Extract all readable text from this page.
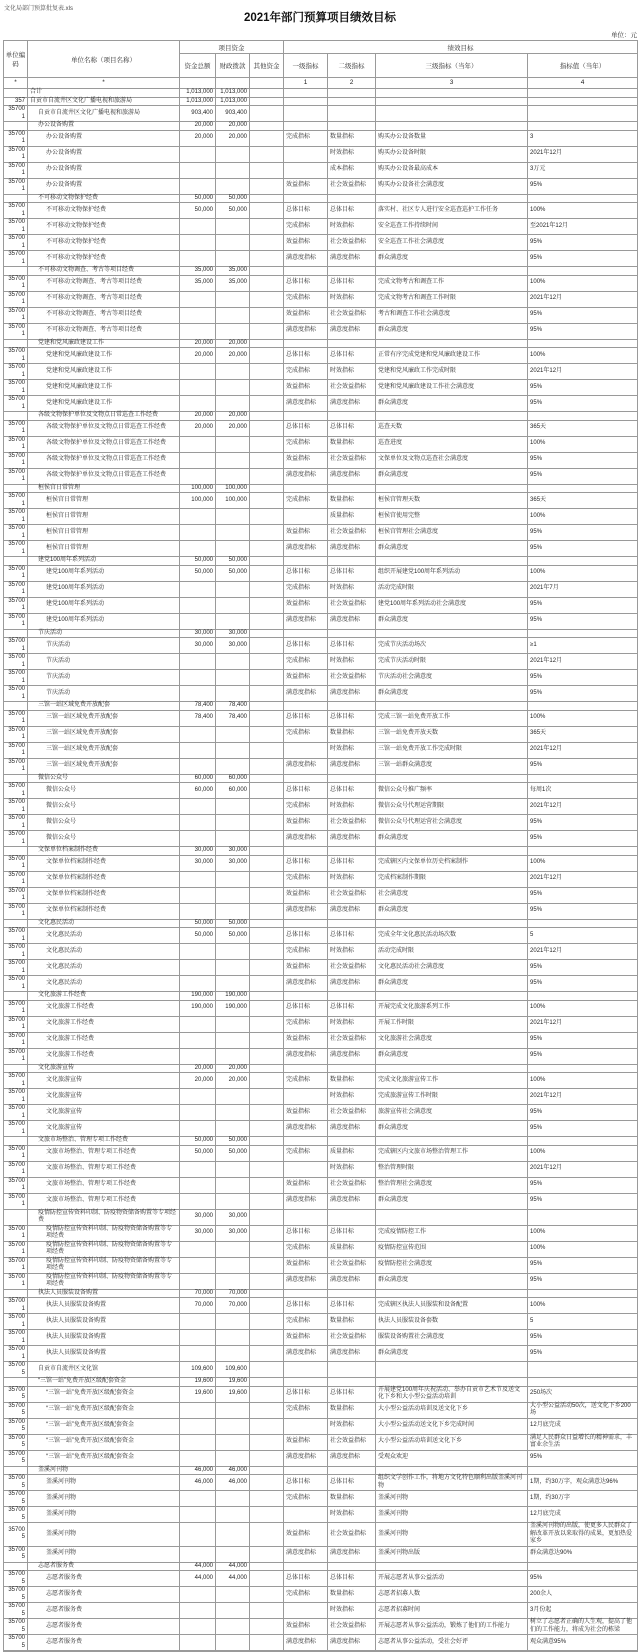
文化局部门预算批复表.xls
2021年部门预算项目绩效目标
单位：元
单位编码	单位名称（项目名称）	项目资金			绩效目标			
		资金总额	财政拨款	其他资金	一级指标	二级指标	三级指标（当年）	指标值（当年）
*	*				1	2	3	4
	合计	1,013,000	1,013,000					
357	自贡市自流井区文化广播电视和旅游局	1,013,000	1,013,000					
357001	自贡市自流井区文化广播电视和旅游局	903,400	903,400					
	办公设备购置	20,000	20,000					
357001	办公设备购置	20,000	20,000		完成指标	数量指标	购买办公设备数量	3
357001	办公设备购置					时效指标	购买办公设备时限	2021年12月
357001	办公设备购置					成本指标	购买办公设备最高成本	3万元
357001	办公设备购置				效益指标	社会效益指标	购买办公设备社会满意度	95%
	不可移动文物保护经费	50,000	50,000					
357001	不可移动文物保护经费	50,000	50,000		总体目标	总体目标	落实村、社区专人进行安全巡查巡护工作任务	100%
357001	不可移动文物保护经费				完成指标	时效指标	安全巡查工作持续时间	至2021年12月
357001	不可移动文物保护经费				效益指标	社会效益指标	安全巡查工作社会满意度	95%
357001	不可移动文物保护经费				满意度指标	满意度指标	群众满意度	95%
	不可移动文物调查、考古等项目经费	35,000	35,000					
357001	不可移动文物调查、考古等项目经费	35,000	35,000		总体目标	总体目标	完成文物考古和调查工作	100%
357001	不可移动文物调查、考古等项目经费				完成指标	时效指标	完成文物考古和调查工作时限	2021年12月
357001	不可移动文物调查、考古等项目经费				效益指标	社会效益指标	考古和调查工作社会满意度	95%
357001	不可移动文物调查、考古等项目经费				满意度指标	满意度指标	群众满意度	95%
	党建和党风廉政建设工作	20,000	20,000					
357001	党建和党风廉政建设工作	20,000	20,000		总体目标	总体目标	正常有序完成党建和党风廉政建设工作	100%
357001	党建和党风廉政建设工作				完成指标	时效指标	党建和党风廉政工作完成时限	2021年12月
357001	党建和党风廉政建设工作				效益指标	社会效益指标	党建和党风廉政建设工作社会满意度	95%
357001	党建和党风廉政建设工作				满意度指标	满意度指标	群众满意度	95%
	各级文物保护单位及文物点日常巡查工作经费	20,000	20,000					
357001	各级文物保护单位及文物点日常巡查工作经费	20,000	20,000		总体目标	总体目标	巡查天数	365天
357001	各级文物保护单位及文物点日常巡查工作经费				完成指标	数量指标	巡查进度	100%
357001	各级文物保护单位及文物点日常巡查工作经费				效益指标	社会效益指标	文保单位及文物点巡查社会满意度	95%
357001	各级文物保护单位及文物点日常巡查工作经费				满意度指标	满意度指标	群众满意度	95%
	桓侯宫日常管理	100,000	100,000					
357001	桓侯宫日常管理	100,000	100,000		完成指标	数量指标	桓侯宫管理天数	365天
357001	桓侯宫日常管理					质量指标	桓侯宫使用完整	100%
357001	桓侯宫日常管理				效益指标	社会效益指标	桓侯宫管理社会满意度	95%
357001	桓侯宫日常管理				满意度指标	满意度指标	群众满意度	95%
	建党100周年系列活动	50,000	50,000					
357001	建党100周年系列活动	50,000	50,000		总体目标	总体目标	组织开展建党100周年系列活动	100%
357001	建党100周年系列活动				完成指标	时效指标	活动完成时限	2021年7月
357001	建党100周年系列活动				效益指标	社会效益指标	建党100周年系列活动社会满意度	95%
357001	建党100周年系列活动				满意度指标	满意度指标	群众满意度	95%
	节庆活动	30,000	30,000					
357001	节庆活动	30,000	30,000		总体目标	总体目标	完成节庆活动场次	≥1
357001	节庆活动				完成指标	时效指标	完成节庆活动时限	2021年12月
357001	节庆活动				效益指标	社会效益指标	节庆活动社会满意度	95%
357001	节庆活动				满意度指标	满意度指标	群众满意度	95%
	三馆一站区域免费开放配套	78,400	78,400					
357001	三馆一站区域免费开放配套	78,400	78,400		总体目标	总体目标	完成三馆一站免费开放工作	100%
357001	三馆一站区域免费开放配套				完成指标	数量指标	三馆一站免费开放天数	365天
357001	三馆一站区域免费开放配套					时效指标	三馆一站免费开放工作完成时限	2021年12月
357001	三馆一站区域免费开放配套				满意度指标	满意度指标	三馆一站群众满意度	95%
	微信公众号	60,000	60,000					
357001	微信公众号	60,000	60,000		总体目标	总体目标	微信公众号推广频率	每周1次
357001	微信公众号				完成指标	时效指标	微信公众号代理运营期限	2021年12月
357001	微信公众号				效益指标	社会效益指标	微信公众号代理运营社会满意度	95%
357001	微信公众号				满意度指标	满意度指标	群众满意度	95%
	文保单位档案制作经费	30,000	30,000					
357001	文保单位档案制作经费	30,000	30,000		总体目标	总体目标	完成辖区内文保单位历史档案制作	100%
357001	文保单位档案制作经费				完成指标	时效指标	完成档案制作期限	2021年12月
357001	文保单位档案制作经费				效益指标	社会效益指标	社会满意度	95%
357001	文保单位档案制作经费				满意度指标	满意度指标	群众满意度	95%
	文化惠民活动	50,000	50,000					
357001	文化惠民活动	50,000	50,000		总体目标	总体目标	完成全年文化惠民活动场次数	5
357001	文化惠民活动				完成指标	时效指标	活动完成时限	2021年12月
357001	文化惠民活动				效益指标	社会效益指标	文化惠民活动社会满意度	95%
357001	文化惠民活动				满意度指标	满意度指标	群众满意度	95%
	文化旅游工作经费	190,000	190,000					
357001	文化旅游工作经费	190,000	190,000		总体目标	总体目标	开展完成文化旅游系列工作	100%
357001	文化旅游工作经费				完成指标	时效指标	开展工作时限	2021年12月
357001	文化旅游工作经费				效益指标	社会效益指标	文化旅游社会满意度	95%
357001	文化旅游工作经费				满意度指标	满意度指标	群众满意度	95%
	文化旅游宣传	20,000	20,000					
357001	文化旅游宣传	20,000	20,000		完成指标	数量指标	完成文化旅游宣传工作	100%
357001	文化旅游宣传					时效指标	完成旅游宣传工作时限	2021年12月
357001	文化旅游宣传				效益指标	社会效益指标	旅游宣传社会满意度	95%
357001	文化旅游宣传				满意度指标	满意度指标	群众满意度	95%
	文旅市场整治、管理专项工作经费	50,000	50,000					
357001	文旅市场整治、管理专项工作经费	50,000	50,000		完成指标	质量指标	完成辖区内文旅市场整治管理工作	100%
357001	文旅市场整治、管理专项工作经费					时效指标	整治管理时限	2021年12月
357001	文旅市场整治、管理专项工作经费				效益指标	社会效益指标	整治管理社会满意度	95%
357001	文旅市场整治、管理专项工作经费				满意度指标	满意度指标	群众满意度	95%
	疫情防控宣传资料印制、防疫物资储备购置等专项经费	30,000	30,000					
357001	疫情防控宣传资料印制、防疫物资储备购置等专项经费	30,000	30,000		总体目标	总体目标	完成疫情防控工作	100%
357001	疫情防控宣传资料印制、防疫物资储备购置等专项经费				完成指标	质量指标	疫情防控宣传范围	100%
357001	疫情防控宣传资料印制、防疫物资储备购置等专项经费				效益指标	社会效益指标	疫情防控社会满意度	95%
357001	疫情防控宣传资料印制、防疫物资储备购置等专项经费				满意度指标	满意度指标	群众满意度	95%
	执法人员服装设备购置	70,000	70,000					
357001	执法人员服装设备购置	70,000	70,000		总体目标	总体目标	完成辖区执法人员服装和设备配置	100%
357001	执法人员服装设备购置				完成指标	数量指标	执法人员服装设备套数	5
357001	执法人员服装设备购置				效益指标	社会效益指标	服装设备购置社会满意度	95%
357001	执法人员服装设备购置				满意度指标	满意度指标	群众满意度	95%
357005	自贡市自流井区文化馆	109,600	109,600					
	“三馆一站”免费开放区级配套资金	19,600	19,600					
357005	“三馆一站”免费开放区级配套资金	19,600	19,600		总体目标	总体目标	开展建党100周年庆祝活动、举办自贡市艺术节及送文化下乡和大小型公益活动培训	250场次
357005	“三馆一站”免费开放区级配套资金				完成指标	数量指标	大小型公益活动培训及送文化下乡	大小型公益活动50次，送文化下乡200场
357005	“三馆一站”免费开放区级配套资金					时效指标	大小型公益活动送文化下乡完成时间	12月底完成
357005	“三馆一站”免费开放区级配套资金				效益指标	社会效益指标	大小型公益活动培训送文化下乡	满足人民群众日益增长的精神需求，丰富业余生活
357005	“三馆一站”免费开放区级配套资金				满意度指标	满意度指标	受观众欢迎	95%
	釜溪河刊物	46,000	46,000					
357005	釜溪河刊物	46,000	46,000		总体目标	总体目标	组织文学创作工作，将地方文化特色顺利出版釜溪河刊物	1期，约30万字，观众满意达96%
357005	釜溪河刊物				完成指标	数量指标	釜溪河刊物	1期，约30万字
357005	釜溪河刊物					时效指标	釜溪河刊物	12月底完成
357005	釜溪河刊物				效益指标	社会效益指标	釜溪河刊物	釜溪河刊物的出版，使更多人民群众了解改革开放以来取得的成果，更加热爱家乡
357005	釜溪河刊物				满意度指标	满意度指标	釜溪河刊物出版	群众满意达90%
	志愿者服务费	44,000	44,000					
357005	志愿者服务费	44,000	44,000		总体目标	总体目标	开展志愿者从事公益活动	95%
357005	志愿者服务费				完成指标	数量指标	志愿者招募人数	200余人
357005	志愿者服务费					时效指标	志愿者招募时间	3月份起
357005	志愿者服务费				效益指标	社会效益指标	开展志愿者从事公益活动，锻炼了他们的工作能力	树立了志愿者正确的人生观，提高了他们的工作能力，将成为社会的栋梁
357005	志愿者服务费				满意度指标	满意度指标	志愿者从事公益活动，受社会好评	观众满意95%
